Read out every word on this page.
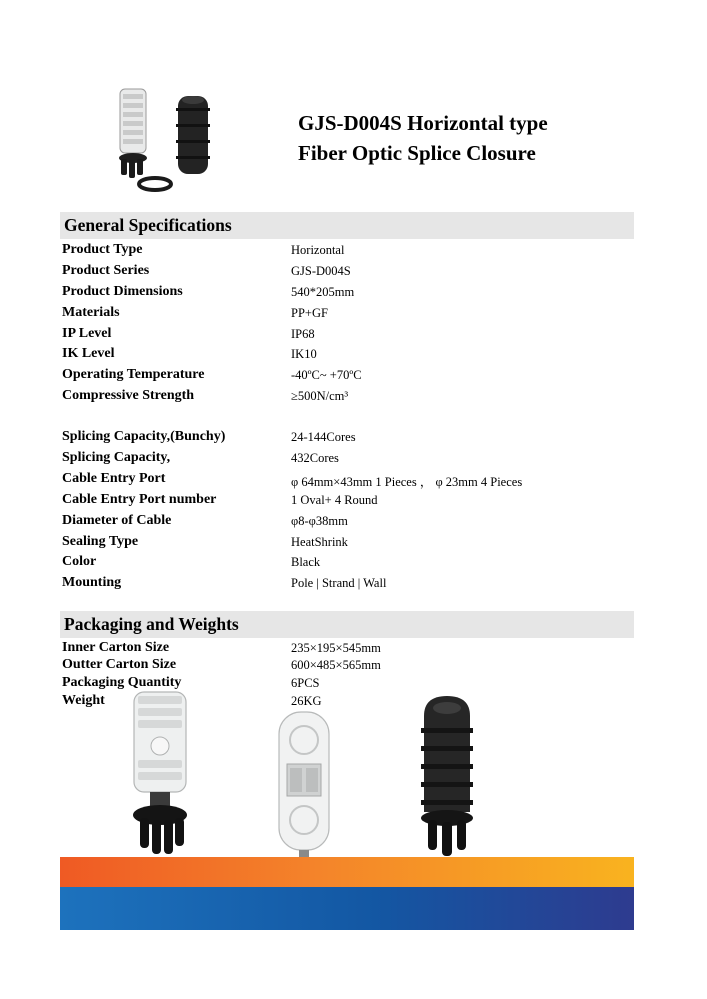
GJS-D004S Horizontal type
Fiber Optic Splice Closure
General Specifications
Product Type	Horizontal
Product Series	GJS-D004S
Product Dimensions	540*205mm
Materials	PP+GF
IP Level	IP68
IK Level	IK10
Operating Temperature	-40ºC~ +70ºC
Compressive Strength	≥500N/cm³
Splicing Capacity,(Bunchy)	24-144Cores
Splicing Capacity,	432Cores
Cable Entry Port	φ 64mm×43mm 1 Pieces ， φ 23mm 4 Pieces
Cable Entry Port number	1 Oval+ 4 Round
Diameter of Cable	φ8-φ38mm
Sealing Type	HeatShrink
Color	Black
Mounting	Pole | Strand | Wall
Packaging and Weights
Inner Carton Size	235×195×545mm
Outter Carton Size	600×485×565mm
Packaging Quantity	6PCS
Weight	26KG
